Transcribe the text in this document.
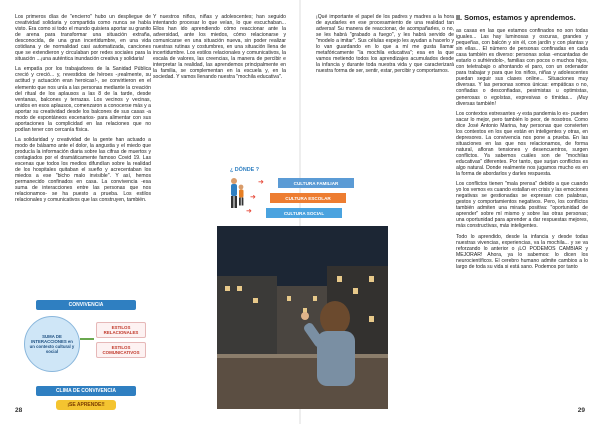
Los primeros días de "encierro" hubo un despliegue de creatividad solidaria y compartida como nunca se había visto. Era como si todo el mundo quisiera aportar su granito de arena para transformar una situación extraña, desconocida, de una gran incertidumbre, en una vida cotidiana y de normalidad casi automatizada, canciones que se extendieron y circulaban por redes sociales para la situación ...¡una auténtica inundación creativa y solidaria!

La empatía por los trabajadores de la Sanidad Pública creció y creció... y, revestidos de héroes -¡realmente, su actitud y actuación eran heroicas!-, se convirtieron en el elemento que nos unía a las personas mediante la creación del ritual de los aplausos a las 8 de la tarde, desde ventanas, balcones y terrazas. Los vecinos y vecinas, unidos en esos aplausos, comenzaron a conocerse más y a aportar su creatividad desde los balcones de sus casas -a modo de espontáneos escenarios- para alimentar con sus aportaciones la complicidad en las relaciones que no podían tener con cercanía física.

La solidaridad y creatividad de la gente han actuado a modo de bálsamo ante el dolor, la angustia y el miedo que producía la información diaria sobre las cifras de muertos y contagiados por el dramáticamente famoso Covid 19. Las escenas que todos los medios difundían sobre la realidad de los hospitales quitaban el sueño y acrecentaban los miedos a ese "bicho malo invisible". Y así, hemos permanecido confinados en casa. La convivencia -esa suma de interacciones entre las personas que nos relacionamos- se ha puesto a prueba. Los estilos relacionales y comunicativos que las construyen, también.

Y nuestros niños, niñas y adolescentes; han seguido intentando procesar lo que veían, lo que escuchaban... Ellos han ido aprendiendo cómo reaccionar ante la adversidad, ante los miedos, cómo relacionarse y comunicarse en una situación nueva, sin poder realizar nuestras rutinas y costumbres, en una situación llena de incertidumbre. Los estilos relacionales y comunicativos, la escala de valores, las creencias, la manera de percibir e interpretar la realidad, las aprendemos principalmente en la familia, se complementan en la escuela y, en la sociedad. Y vamos llenando nuestra "mochila educativa".

¡Qué importante el papel de los padres y madres a la hora de ayudarles en ese procesamiento de una realidad tan adversa! Su manera de reaccionar, de acompañarles, o no, se les habrá "grabado a fuego", y les habrá servido de "modelo a imitar". Sus células espejo les ayudan a hacerlo y lo van guardando en lo que a mí me gusta llamar metafóricamente "la mochila educativa"; esa en la que vamos metiendo todos los aprendizajes acumulados desde la infancia y durante toda nuestra vida y que caracterizará nuestra forma de ser, sentir, estar, percibir y comportarnos.

II. Somos, estamos y aprendemos.

as casas en las que estamos confinados no son todas iguales... Las hay luminosas y oscuras, grandes y pequeñas, con balcón y sin él, con jardín y con plantas y sin ellas... El número de personas confinadas en cada casa también es diverso: personas solas -encantadas de estarlo o sufriéndolo-, familias con pocos o muchos hijos, con teletrabajo o afrontando el paro, con un ordenador para trabajar y para que los niños, niñas y adolescentes puedan seguir sus clases online... Situaciones muy diversas. Y las personas somos únicas: empáticas o no, confiadas o desconfiadas, pesimistas u optimistas, generosas o egoístas, expresivas o tímidas... ¡Muy diversas también!

Los contextos estresantes -y esta pandemia lo es- pueden sacar lo mejor, pero también lo peor, de nosotros. Como dice José Antonio Marina, hay personas que convierten los contextos en los que están en inteligentes y otras, en depresores. La convivencia nos pone a prueba. En las situaciones en las que nos relacionamos, de forma natural, afloran tensiones y desencuentros, surgen conflictos. Ya sabemos cuáles son de "mochilas educativas" diferentes. Por tanto, que surjan conflictos es algo natural. Donde realmente nos jugamos mucho es en la forma de abordarlos y darles respuesta.

Los conflictos tienen "mala prensa" debido a que cuando yo los vemos es cuando estallan en crisis y las emociones negativas se gestionadas se expresan con palabras, gestos y comportamientos negativos. Pero, los conflictos también admiten una mirada positiva: "oportunidad de aprender" sobre mí mismo y sobre las otras personas; una oportunidad para aprender a dar respuestas mejores, más constructivas, más inteligentes.

Todo lo aprendido, desde la infancia y desde todas nuestras vivencias, experiencias, va la mochila... y se va reforzando lo anterior o ¡LO PODEMOS CAMBIAR y MEJORAR! Ahora, ya lo sabemos: lo dicen los neurocientíficos. El cerebro humano admite cambios a lo largo de toda su vida si está sano. Podemos por tanto

CONVIVENCIA
SUMA DE INTERACCIONES en un contexto cultural y social
ESTILOS RELACIONALES
ESTILOS COMUNICATIVOS
CLIMA DE CONVIVENCIA
¡SE APRENDE!!
¿ DÓNDE ?
➜
➜
➜
CULTURA FAMILIAR
CULTURA ESCOLAR
CULTURA SOCIAL
28	29
